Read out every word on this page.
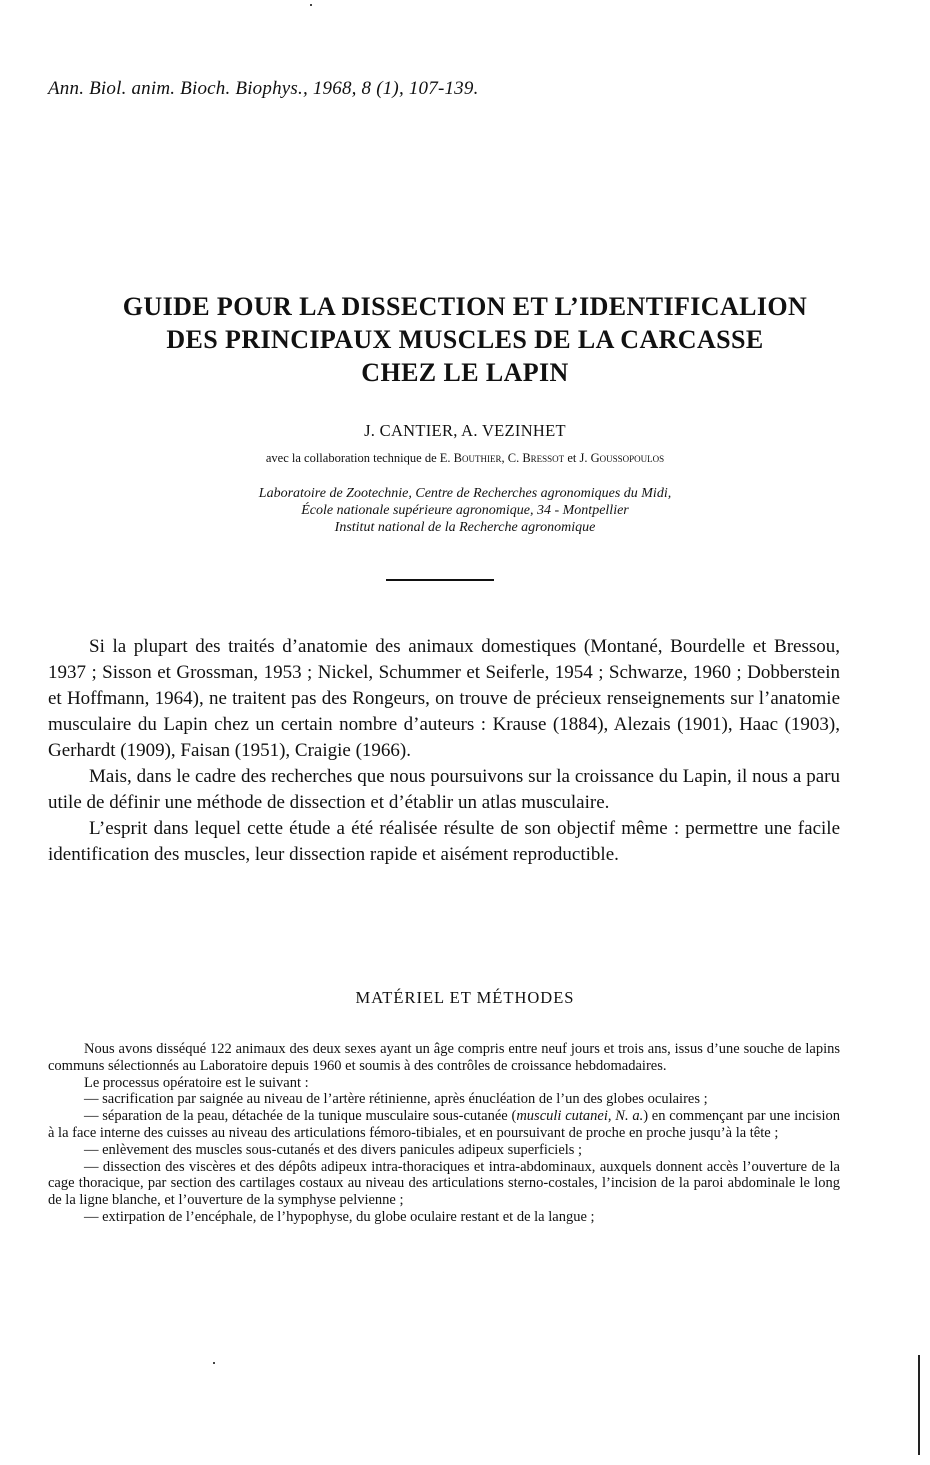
Ann. Biol. anim. Bioch. Biophys., 1968, 8 (1), 107-139.
GUIDE POUR LA DISSECTION ET L’IDENTIFICALION
DES PRINCIPAUX MUSCLES DE LA CARCASSE
CHEZ LE LAPIN
J. CANTIER, A. VEZINHET
avec la collaboration technique de E. Bouthier, C. Bressot et J. Goussopoulos
Laboratoire de Zootechnie, Centre de Recherches agronomiques du Midi,
École nationale supérieure agronomique, 34 - Montpellier
Institut national de la Recherche agronomique

Si la plupart des traités d’anatomie des animaux domestiques (Montané, Bourdelle et Bressou, 1937 ; Sisson et Grossman, 1953 ; Nickel, Schummer et Seiferle, 1954 ; Schwarze, 1960 ; Dobberstein et Hoffmann, 1964), ne traitent pas des Rongeurs, on trouve de précieux renseignements sur l’anatomie musculaire du Lapin chez un certain nombre d’auteurs : Krause (1884), Alezais (1901), Haac (1903), Gerhardt (1909), Faisan (1951), Craigie (1966).

Mais, dans le cadre des recherches que nous poursuivons sur la croissance du Lapin, il nous a paru utile de définir une méthode de dissection et d’établir un atlas musculaire.

L’esprit dans lequel cette étude a été réalisée résulte de son objectif même : permettre une facile identification des muscles, leur dissection rapide et aisément reproductible.

MATÉRIEL ET MÉTHODES

Nous avons disséqué 122 animaux des deux sexes ayant un âge compris entre neuf jours et trois ans, issus d’une souche de lapins communs sélectionnés au Laboratoire depuis 1960 et soumis à des contrôles de croissance hebdomadaires.

Le processus opératoire est le suivant :

— sacrification par saignée au niveau de l’artère rétinienne, après énucléation de l’un des globes oculaires ;

— séparation de la peau, détachée de la tunique musculaire sous-cutanée (musculi cutanei, N. a.) en commençant par une incision à la face interne des cuisses au niveau des articulations fémoro-tibiales, et en poursuivant de proche en proche jusqu’à la tête ;

— enlèvement des muscles sous-cutanés et des divers panicules adipeux superficiels ;

— dissection des viscères et des dépôts adipeux intra-thoraciques et intra-abdominaux, auxquels donnent accès l’ouverture de la cage thoracique, par section des cartilages costaux au niveau des articulations sterno-costales, l’incision de la paroi abdominale le long de la ligne blanche, et l’ouverture de la symphyse pelvienne ;

— extirpation de l’encéphale, de l’hypophyse, du globe oculaire restant et de la langue ;
